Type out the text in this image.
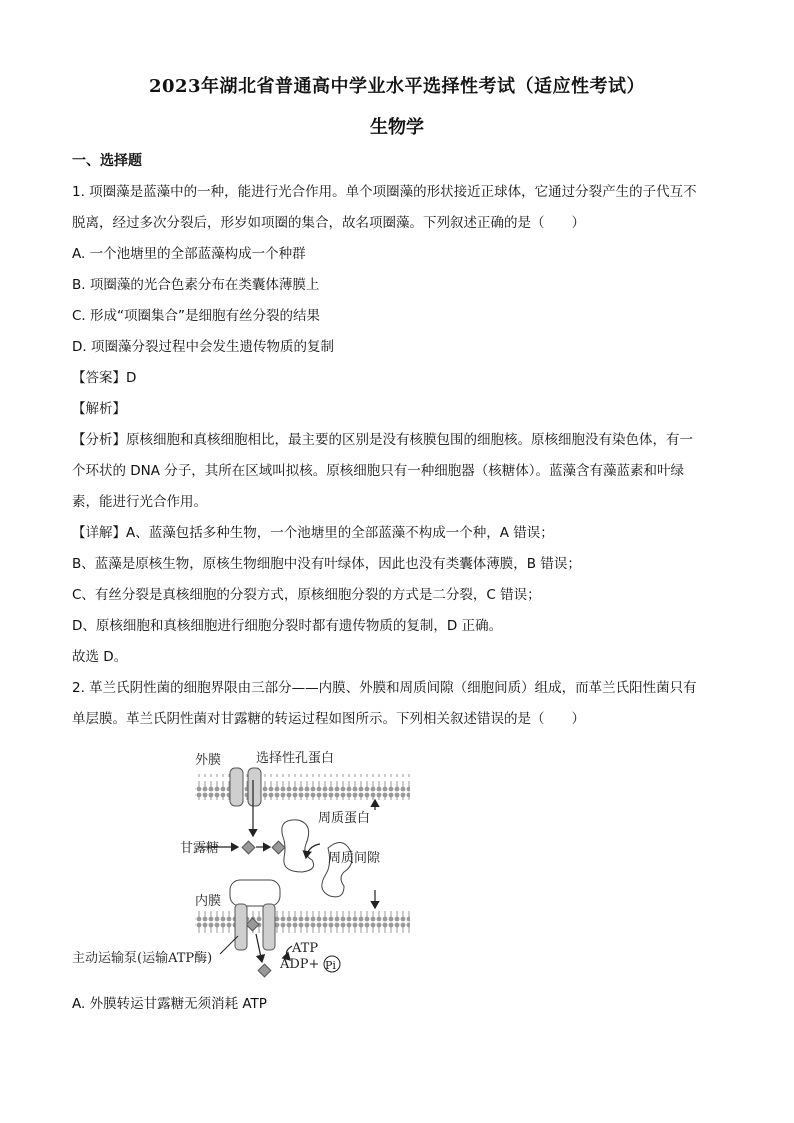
2023年湖北省普通高中学业水平选择性考试（适应性考试）
生物学
一、选择题
1. 项圈藻是蓝藻中的一种，能进行光合作用。单个项圈藻的形状接近正球体，它通过分裂产生的子代互不
脱离，经过多次分裂后，形岁如项圈的集合，故名项圈藻。下列叙述正确的是（　　）
A. 一个池塘里的全部蓝藻构成一个种群
B. 项圈藻的光合色素分布在类囊体薄膜上
C. 形成“项圈集合”是细胞有丝分裂的结果
D. 项圈藻分裂过程中会发生遗传物质的复制
【答案】D
【解析】
【分析】原核细胞和真核细胞相比，最主要的区别是没有核膜包围的细胞核。原核细胞没有染色体，有一
个环状的 DNA 分子，其所在区域叫拟核。原核细胞只有一种细胞器（核糖体）。蓝藻含有藻蓝素和叶绿
素，能进行光合作用。
【详解】A、蓝藻包括多种生物，一个池塘里的全部蓝藻不构成一个种，A 错误；
B、蓝藻是原核生物，原核生物细胞中没有叶绿体，因此也没有类囊体薄膜，B 错误；
C、有丝分裂是真核细胞的分裂方式，原核细胞分裂的方式是二分裂，C 错误；
D、原核细胞和真核细胞进行细胞分裂时都有遗传物质的复制，D 正确。
故选 D。
2. 革兰氏阴性菌的细胞界限由三部分——内膜、外膜和周质间隙（细胞间质）组成，而革兰氏阳性菌只有
单层膜。革兰氏阴性菌对甘露糖的转运过程如图所示。下列相关叙述错误的是（　　）
外膜	选择性孔蛋白
周质蛋白
甘露糖
周质间隙
内膜
ATP
ADP+ Pi
主动运输泵(运输ATP酶)
A. 外膜转运甘露糖无须消耗 ATP
